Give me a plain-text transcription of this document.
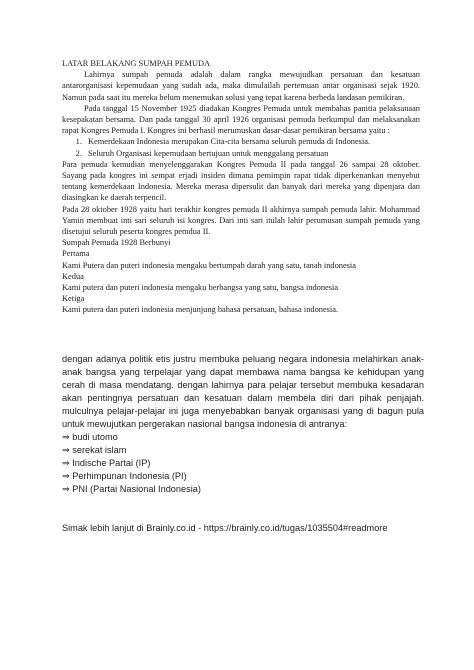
LATAR BELAKANG SUMPAH PEMUDA

Lahirnya sumpah pemuda adalah dalam rangka mewujudkan persatuan dan kesatuan antarorganisasi kepemudaan yang sudah ada, maka dimulailah pertemuan antar organisasi sejak 1920. Namun pada saat itu mereka belum menemukan solusi yang tepat karena berbeda landasan pemikiran.

Pada tanggal 15 November 1925 diadakan Kongres Pemuda untuk membahas panitia pelaksanaan kesepakatan bersama. Dan pada tanggal 30 april 1926 organisasi pemuda berkumpul dan melaksanakan rapat Kongres Pemuda I. Kongres ini berhasil merumuskan dasar-dasar pemikiran bersama yaitu :

1. Kemerdekaan Indonesia merupakan Cita-cita bersama seluruh pemuda di Indonesia.
2. Seluruh Organisasi kepemudaan bertujuan untuk menggalang persatuan

Para pemuda kemudian menyelenggarakan Kongres Pemuda II pada tanggal 26 sampai 28 oktober. Sayang pada kongres ini sempat erjadi insiden dimana pemimpin rapat tidak diperkenankan menyebut tentang kemerdekaan Indonesia. Mereka merasa dipersulit dan banyak dari mereka yang dipenjara dan diasingkan ke daerah terpencil.

Pada 28 oktober 1928 yaitu hari terakhir kongres pemuda II akhirnya sumpah pemuda lahir. Mohammad Yamin membuat inti sari seluruh isi kongres. Dari inti sari itulah lahir perumusan sumpah pemuda yang disetujui seluruh peserta kongres pemdua II.

Sumpah Pemuda 1928 Berbunyi

Pertama

Kami Putera dan puteri indonesia mengaku bertumpah darah yang satu, tanah indonesia

Kedua

Kami putera dan puteri indonesia mengaku berbangsa yang satu, bangsa indonesia

Ketiga

Kami putera dan puteri indonesia menjunjung bahasa persatuan, bahasa indonesia.

dengan adanya politik etis justru membuka peluang negara indonesia melahirkan anak-anak bangsa yang terpelajar yang dapat membawa nama bangsa ke kehidupan yang cerah di masa mendatang. dengan lahirnya para pelajar tersebut membuka kesadaran akan pentingnya persatuan dan kesatuan dalam membela diri dari pihak penjajah. mulculnya pelajar-pelajar ini juga menyebabkan banyak organisasi yang di bagun pula untuk mewujutkan pergerakan nasional bangsa indonesia di antranya:

⇒ budi utomo

⇒ serekat islam

⇒ Indische Partai (IP)

⇒ Perhimpunan Indonesia (PI)

⇒ PNI (Partai Nasional Indonesia)

Simak lebih lanjut di Brainly.co.id - https://brainly.co.id/tugas/1035504#readmore
